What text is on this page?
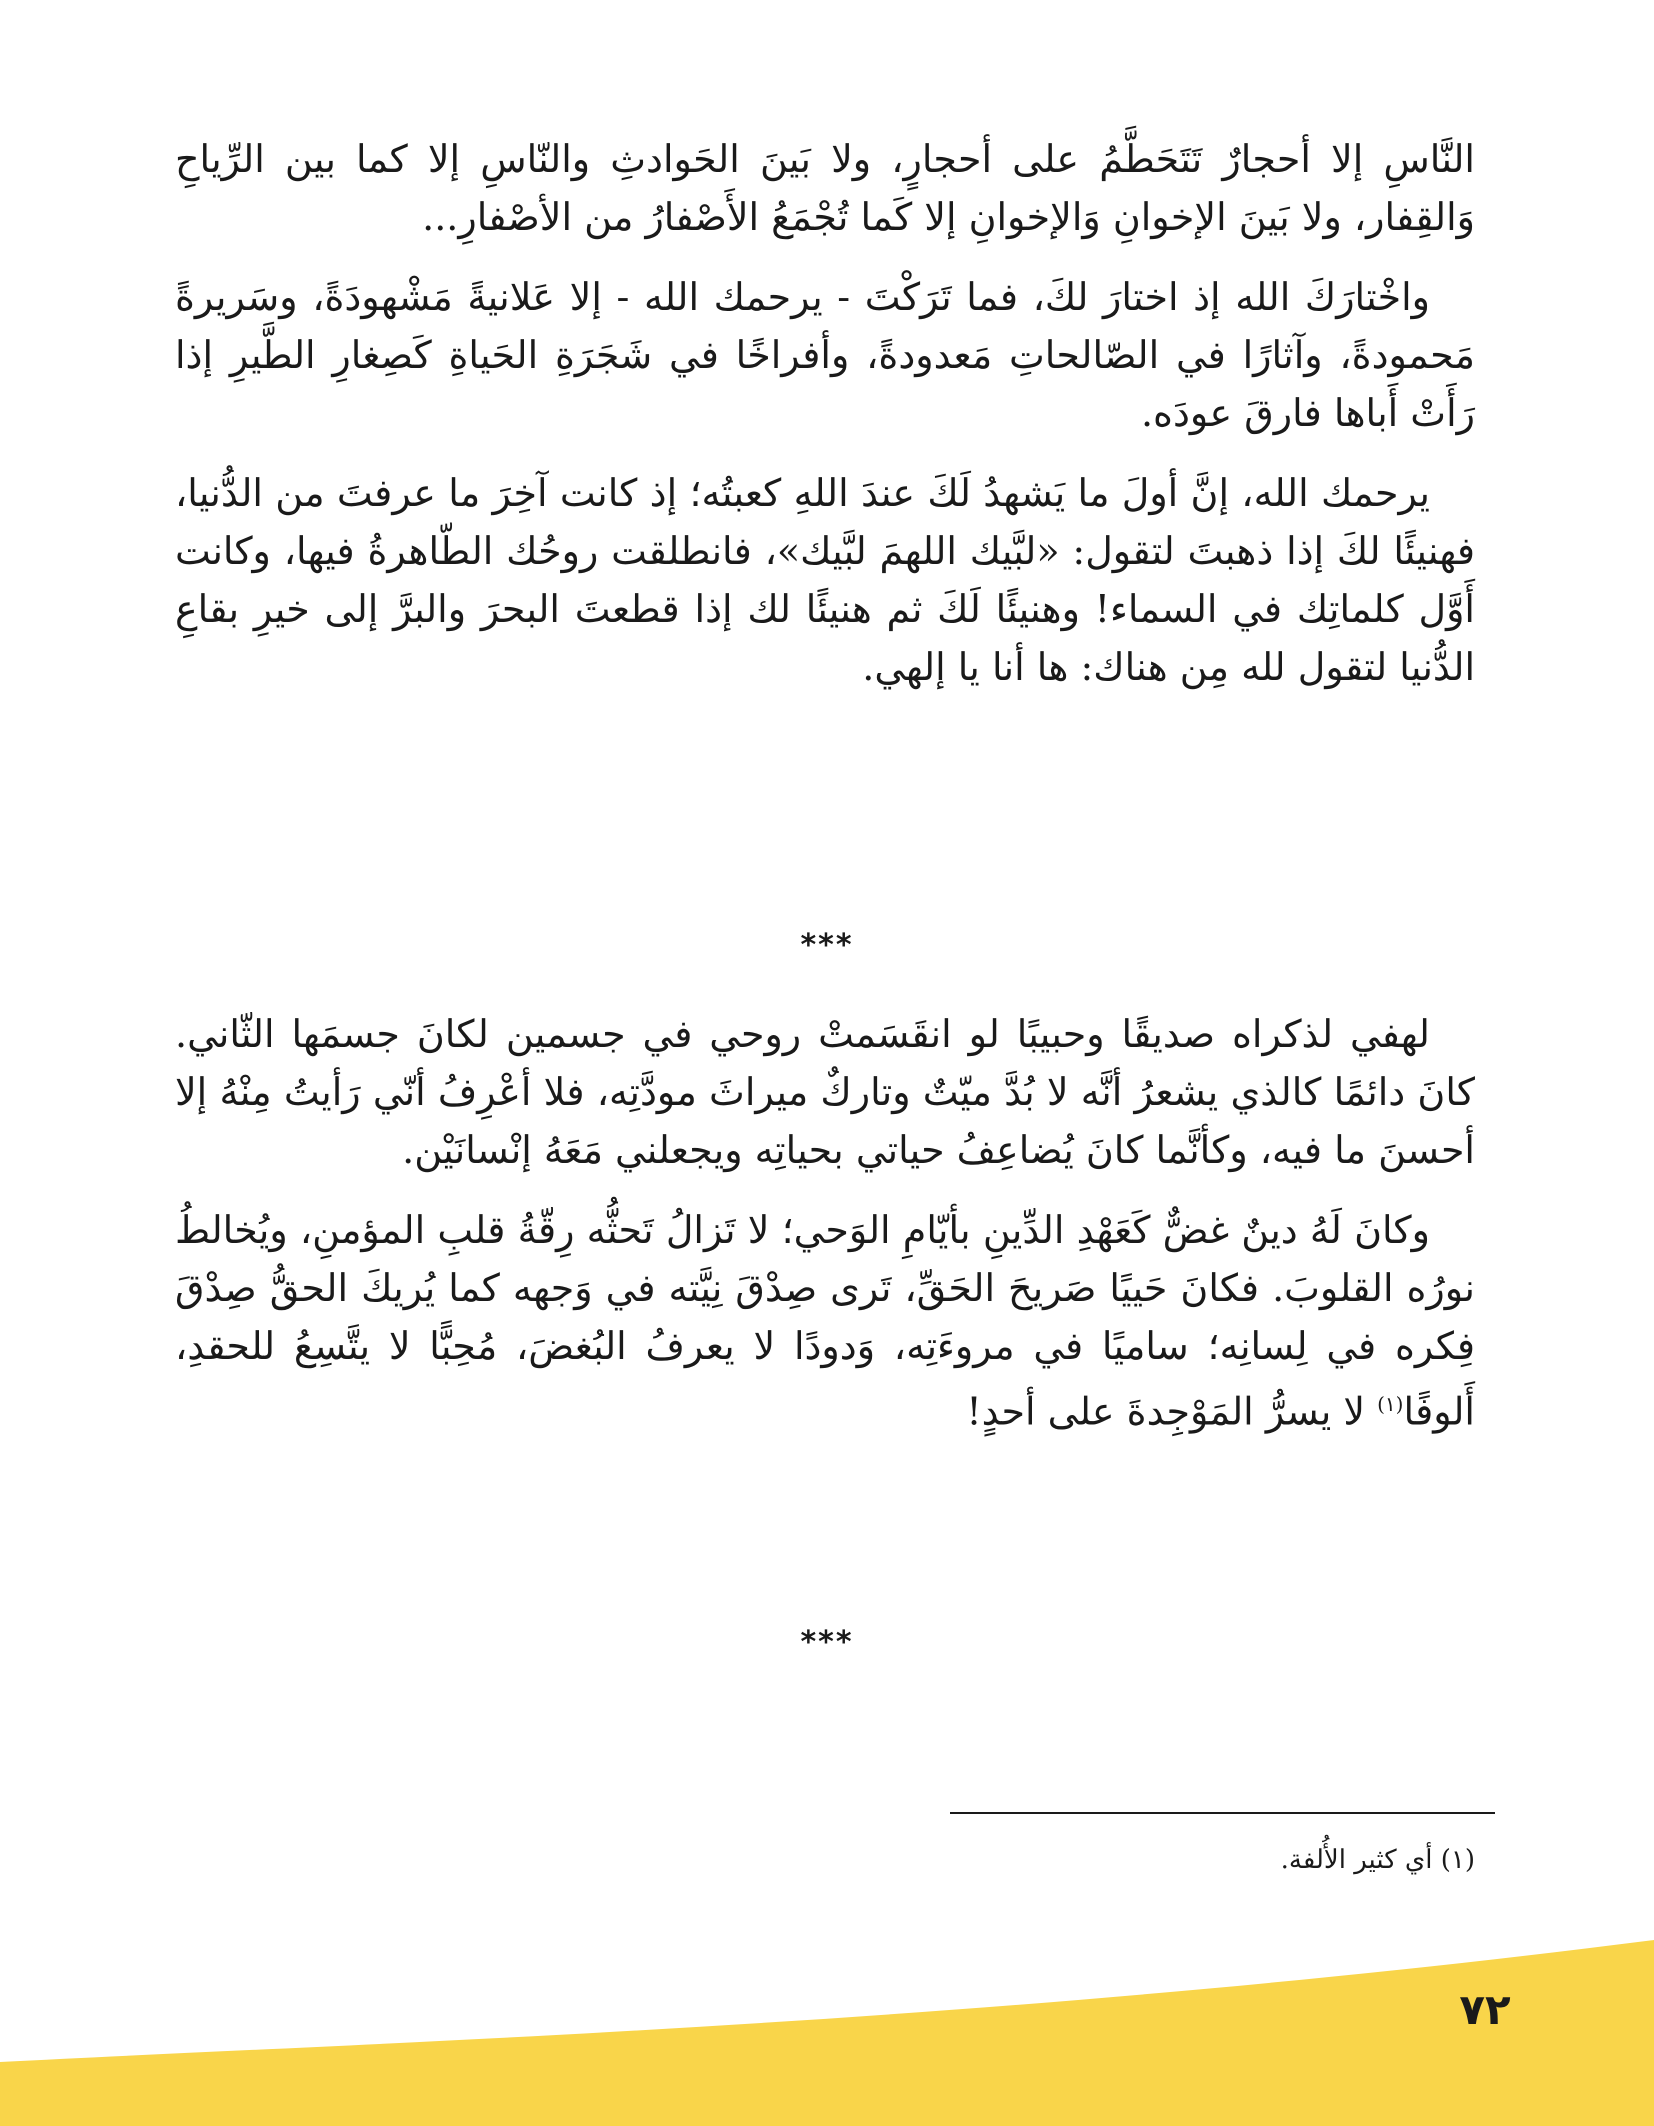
النَّاسِ إلا أحجارٌ تَتَحَطَّمُ على أحجارٍ، ولا بَينَ الحَوادثِ والنّاسِ إلا كما بين الرِّياحِ وَالقِفار، ولا بَينَ الإخوانِ وَالإخوانِ إلا كَما تُجْمَعُ الأَصْفارُ من الأصْفارِ...

واخْتارَكَ الله إذ اختارَ لكَ، فما تَرَكْتَ - يرحمك الله - إلا عَلانيةً مَشْهودَةً، وسَريرةً مَحمودةً، وآثارًا في الصّالحاتِ مَعدودةً، وأفراخًا في شَجَرَةِ الحَياةِ كَصِغارِ الطَّيرِ إذا رَأَتْ أَباها فارقَ عودَه.

يرحمك الله، إنَّ أولَ ما يَشهدُ لَكَ عندَ اللهِ كعبتُه؛ إذ كانت آخِرَ ما عرفتَ من الدُّنيا، فهنيئًا لكَ إذا ذهبتَ لتقول: «لبَّيك اللهمَ لبَّيك»، فانطلقت روحُك الطّاهرةُ فيها، وكانت أَوَّل كلماتِك في السماء! وهنيئًا لَكَ ثم هنيئًا لك إذا قطعتَ البحرَ والبرَّ إلى خيرِ بقاعِ الدُّنيا لتقول لله مِن هناك: ها أنا يا إلهي.

***

لهفي لذكراه صديقًا وحبيبًا لو انقَسَمتْ روحي في جسمين لكانَ جسمَها الثّاني. كانَ دائمًا كالذي يشعرُ أنَّه لا بُدَّ ميّتٌ وتاركٌ ميراثَ مودَّتِه، فلا أعْرِفُ أنّي رَأيتُ مِنْهُ إلا أحسنَ ما فيه، وكأنَّما كانَ يُضاعِفُ حياتي بحياتِه ويجعلني مَعَهُ إنْسانَيْن.

وكانَ لَهُ دينٌ غضٌّ كَعَهْدِ الدِّينِ بأيّامِ الوَحي؛ لا تَزالُ تَحثُّه رِقّةُ قلبِ المؤمنِ، ويُخالطُ نورُه القلوبَ. فكانَ حَييًا صَريحَ الحَقِّ، تَرى صِدْقَ نِيَّته في وَجهه كما يُريكَ الحقُّ صِدْقَ فِكره في لِسانِه؛ ساميًا في مروءَتِه، وَدودًا لا يعرفُ البُغضَ، مُحِبًّا لا يتَّسِعُ للحقدِ، أَلوفًا$^{(١)}$ لا يسرُّ المَوْجِدةَ على أحدٍ!

***
(١) أي كثير الأُلفة.
٧٢
